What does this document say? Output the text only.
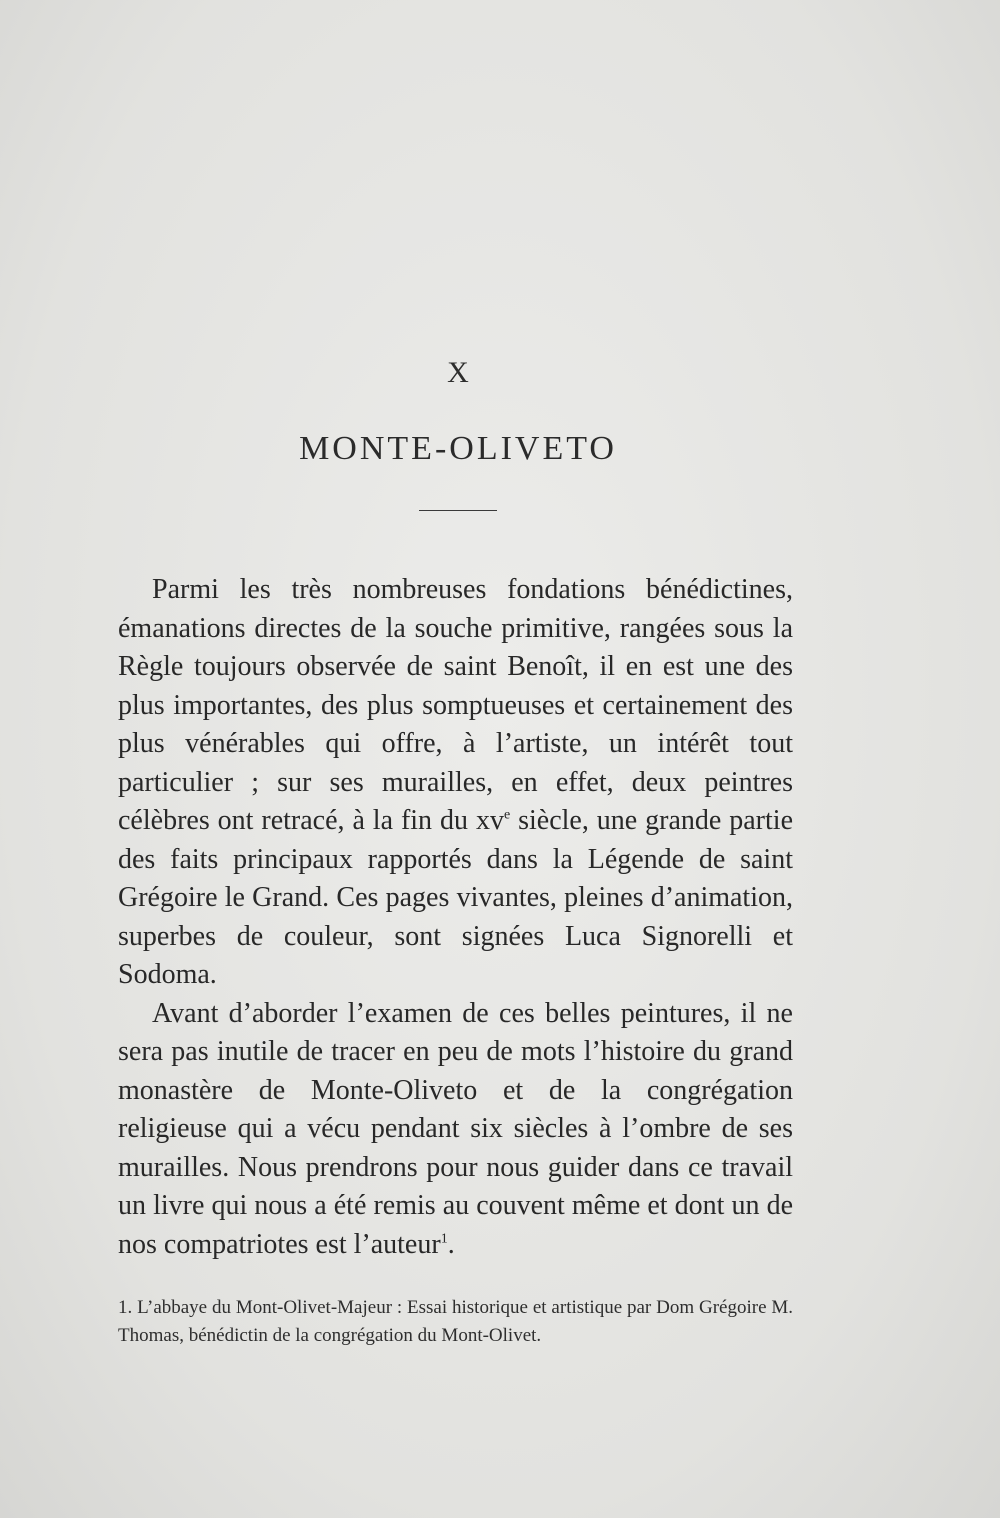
X
MONTE-OLIVETO

Parmi les très nombreuses fondations bénédictines, émanations directes de la souche primitive, rangées sous la Règle toujours observée de saint Benoît, il en est une des plus importantes, des plus somptueuses et certainement des plus vénérables qui offre, à l’artiste, un intérêt tout particulier ; sur ses murailles, en effet, deux peintres célèbres ont retracé, à la fin du $xv^e$ siècle, une grande partie des faits principaux rapportés dans la Légende de saint Grégoire le Grand. Ces pages vivantes, pleines d’animation, superbes de couleur, sont signées Luca Signorelli et Sodoma.

Avant d’aborder l’examen de ces belles peintures, il ne sera pas inutile de tracer en peu de mots l’histoire du grand monastère de Monte-Oliveto et de la congrégation religieuse qui a vécu pendant six siècles à l’ombre de ses murailles. Nous prendrons pour nous guider dans ce travail un livre qui nous a été remis au couvent même et dont un de nos compatriotes est l’auteur$^1$.

1. L’abbaye du Mont-Olivet-Majeur : Essai historique et artistique par Dom Grégoire M. Thomas, bénédictin de la congrégation du Mont-Olivet.
